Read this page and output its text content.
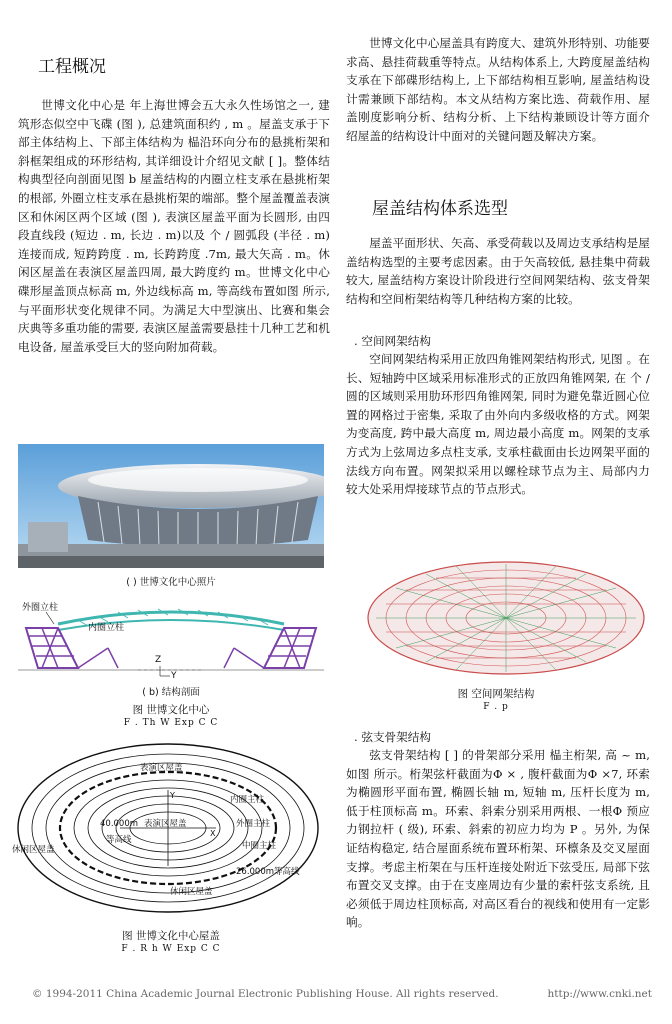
工程概况

世博文化中心是 年上海世博会五大永久性场馆之一, 建筑形态似空中飞碟 (图 ), 总建筑面积约 , m 。屋盖支承于下部主体结构上、下部主体结构为 榀沿环向分布的悬挑桁架和斜框架组成的环形结构, 其详细设计介绍见文献 [ ]。整体结构典型径向剖面见图 b 屋盖结构的内圈立柱支承在悬挑桁架的根部, 外圈立柱支承在悬挑桁架的端部。整个屋盖覆盖表演区和休闲区两个区域 (图 ), 表演区屋盖平面为长圆形, 由四段直线段 (短边 . m, 长边 . m)以及 个 / 圆弧段 (半径 . m)连接而成, 短跨跨度 . m, 长跨跨度 .7m, 最大矢高 . m。休闲区屋盖在表演区屋盖四周, 最大跨度约 m。世博文化中心碟形屋盖顶点标高 m, 外边线标高 m, 等高线布置如图 所示, 与平面形状变化规律不同。为满足大中型演出、比赛和集会庆典等多重功能的需要, 表演区屋盖需要悬挂十几种工艺和机电设备, 屋盖承受巨大的竖向附加荷载。

( ) 世博文化中心照片

外圈立柱
内圈立柱
Z
Y

( b) 结构剖面

图 世博文化中心

F . Th W Exp C C

Y
X
表演区屋盖
内圈主柱
外圈主柱
中圈主柱
40.000m 表演区屋盖
等高线
休闲区屋盖
26.000m等高线
休闲区屋盖

图 世博文化中心屋盖

F . R h W Exp C C

世博文化中心屋盖具有跨度大、建筑外形特别、功能要求高、悬挂荷载重等特点。从结构体系上, 大跨度屋盖结构支承在下部碟形结构上, 上下部结构相互影响, 屋盖结构设计需兼顾下部结构。本文从结构方案比选、荷载作用、屋盖刚度影响分析、结构分析、上下结构兼顾设计等方面介绍屋盖的结构设计中面对的关键问题及解决方案。

屋盖结构体系选型

屋盖平面形状、矢高、承受荷载以及周边支承结构是屋盖结构选型的主要考虑因素。由于矢高较低, 悬挂集中荷载较大, 屋盖结构方案设计阶段进行空间网架结构、弦支骨架结构和空间桁架结构等几种结构方案的比较。

. 空间网架结构

空间网架结构采用正放四角锥网架结构形式, 见图 。在长、短轴跨中区域采用标准形式的正放四角锥网架, 在 个 / 圆的区域则采用肋环形四角锥网架, 同时为避免靠近圆心位置的网格过于密集, 采取了由外向内多级收格的方式。网架为变高度, 跨中最大高度 m, 周边最小高度 m。网架的支承方式为上弦周边多点柱支承, 支承柱截面由长边网架平面的法线方向布置。网架拟采用以螺栓球节点为主、局部内力较大处采用焊接球节点的节点形式。

图 空间网架结构

F . p

. 弦支骨架结构

弦支骨架结构 [ ] 的骨架部分采用 榀主桁架, 高 ~ m, 如图 所示。桁架弦杆截面为Φ × , 腹杆截面为Φ ×7, 环索为椭圆形平面布置, 椭圆长轴 m, 短轴 m, 压杆长度为 m, 低于柱顶标高 m。环索、斜索分别采用两根、一根Φ 预应力钢拉杆 ( 级), 环索、斜索的初应力均为 P 。另外, 为保证结构稳定, 结合屋面系统布置环桁架、环檩条及交叉屋面支撑。考虑主桁架在与压杆连接处附近下弦受压, 局部下弦布置交叉支撑。由于在支座周边有少量的索杆弦支系统, 且必须低于周边柱顶标高, 对高区看台的视线和使用有一定影响。

© 1994-2011 China Academic Journal Electronic Publishing House. All rights reserved.	http://www.cnki.net
